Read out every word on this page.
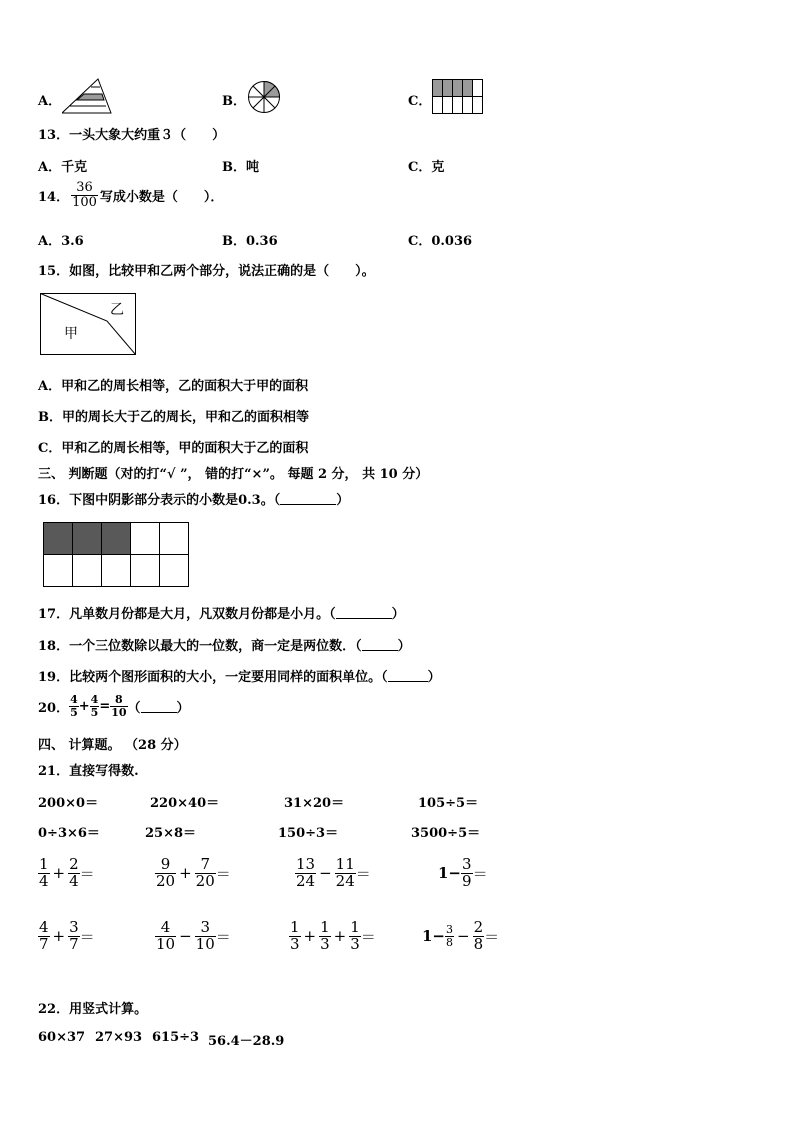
A．	B．	C．
13．一头大象大约重３（　　）
A．千克	B．吨	C．克
14． $\frac{36}{100}$ 写成小数是（　　）．
A．3.6	B．0.36	C．0.036
15．如图，比较甲和乙两个部分，说法正确的是（　　）。
甲
乙
A．甲和乙的周长相等，乙的面积大于甲的面积
B．甲的周长大于乙的周长，甲和乙的面积相等
C．甲和乙的周长相等，甲的面积大于乙的面积
三、 判断题（对的打“√ ”， 错的打“×”。 每题 2 分， 共 10 分）
16．下图中阴影部分表示的小数是0.3。（	）
17．凡单数月份都是大月，凡双数月份都是小月。（	）
18．一个三位数除以最大的一位数，商一定是两位数．（	）
19．比较两个图形面积的大小，一定要用同样的面积单位。（	）
20． $\frac{4}{5} + \frac{4}{5} = \frac{8}{10}$ （	）
四、 计算题。 （28 分）
21．直接写得数.
200×0＝	220×40＝	31×20＝	105÷5＝
0÷3×6＝	25×8＝	150÷3＝	3500÷5＝
$\frac{1}{4} + \frac{2}{4}$ ＝	$\frac{9}{20} + \frac{7}{20}$ ＝	$\frac{13}{24} - \frac{11}{24}$ ＝	$1- \frac{3}{9}$ ＝
$\frac{4}{7} + \frac{3}{7}$ ＝	$\frac{4}{10} - \frac{3}{10}$ ＝	$\frac{1}{3} + \frac{1}{3} + \frac{1}{3}$ ＝	$1- \frac{3}{8} - \frac{2}{8}$ ＝
22．用竖式计算。
60×37 27×93 615÷3 56.4－28.9
